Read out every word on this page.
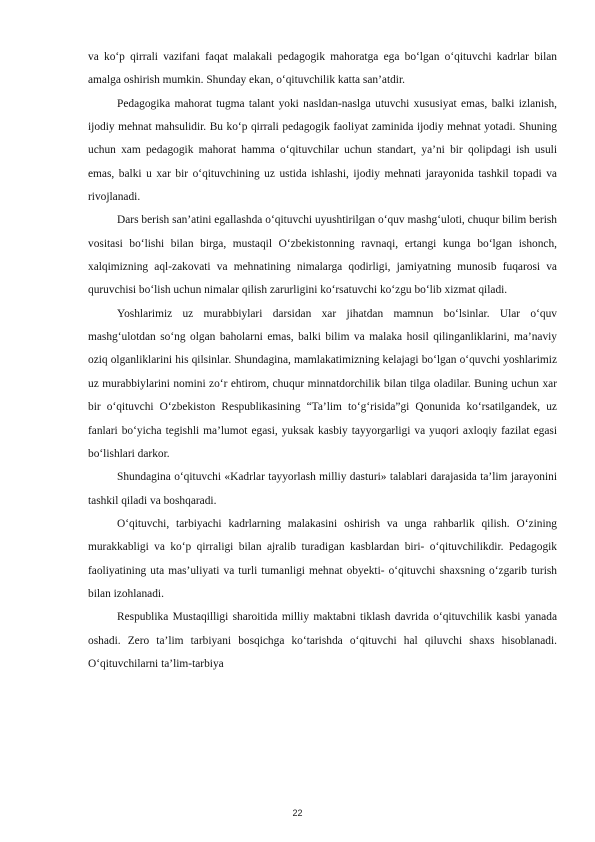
va ko‘p qirrali vazifani faqat malakali pedagogik mahoratga ega bo‘lgan o‘qituvchi kadrlar bilan amalga oshirish mumkin. Shunday ekan, o‘qituvchilik katta san’atdir.

Pedagogika mahorat tugma talant yoki nasldan-naslga utuvchi xususiyat emas, balki izlanish, ijodiy mehnat mahsulidir. Bu ko‘p qirrali pedagogik faoliyat zaminida ijodiy mehnat yotadi. Shuning uchun xam pedagogik mahorat hamma o‘qituvchilar uchun standart, ya’ni bir qolipdagi ish usuli emas, balki u xar bir o‘qituvchining uz ustida ishlashi, ijodiy mehnati jarayonida tashkil topadi va rivojlanadi.

Dars berish san’atini egallashda o‘qituvchi uyushtirilgan o‘quv mashg‘uloti, chuqur bilim berish vositasi bo‘lishi bilan birga, mustaqil O‘zbekistonning ravnaqi, ertangi kunga bo‘lgan ishonch, xalqimizning aql-zakovati va mehnatining nimalarga qodirligi, jamiyatning munosib fuqarosi va quruvchisi bo‘lish uchun nimalar qilish zarurligini ko‘rsatuvchi ko‘zgu bo‘lib xizmat qiladi.

Yoshlarimiz uz murabbiylari darsidan xar jihatdan mamnun bo‘lsinlar. Ular o‘quv mashg‘ulotdan so‘ng olgan baholarni emas, balki bilim va malaka hosil qilinganliklarini, ma’naviy oziq olganliklarini his qilsinlar. Shundagina, mamlakatimizning kelajagi bo‘lgan o‘quvchi yoshlarimiz uz murabbiylarini nomini zo‘r ehtirom, chuqur minnatdorchilik bilan tilga oladilar. Buning uchun xar bir o‘qituvchi O‘zbekiston Respublikasining “Ta’lim to‘g‘risida”gi Qonunida ko‘rsatilgandek, uz fanlari bo‘yicha tegishli ma’lumot egasi, yuksak kasbiy tayyorgarligi va yuqori axloqiy fazilat egasi bo‘lishlari darkor.

Shundagina o‘qituvchi «Kadrlar tayyorlash milliy dasturi» talablari darajasida ta’lim jarayonini tashkil qiladi va boshqaradi.

O‘qituvchi, tarbiyachi kadrlarning malakasini oshirish va unga rahbarlik qilish. O‘zining murakkabligi va ko‘p qirraligi bilan ajralib turadigan kasblardan biri- o‘qituvchilikdir. Pedagogik faoliyatining uta mas’uliyati va turli tumanligi mehnat obyekti- o‘qituvchi shaxsning o‘zgarib turish bilan izohlanadi.

Respublika Mustaqilligi sharoitida milliy maktabni tiklash davrida o‘qituvchilik kasbi yanada oshadi. Zero ta’lim tarbiyani bosqichga ko‘tarishda o‘qituvchi hal qiluvchi shaxs hisoblanadi. O‘qituvchilarni ta’lim-tarbiya

22
